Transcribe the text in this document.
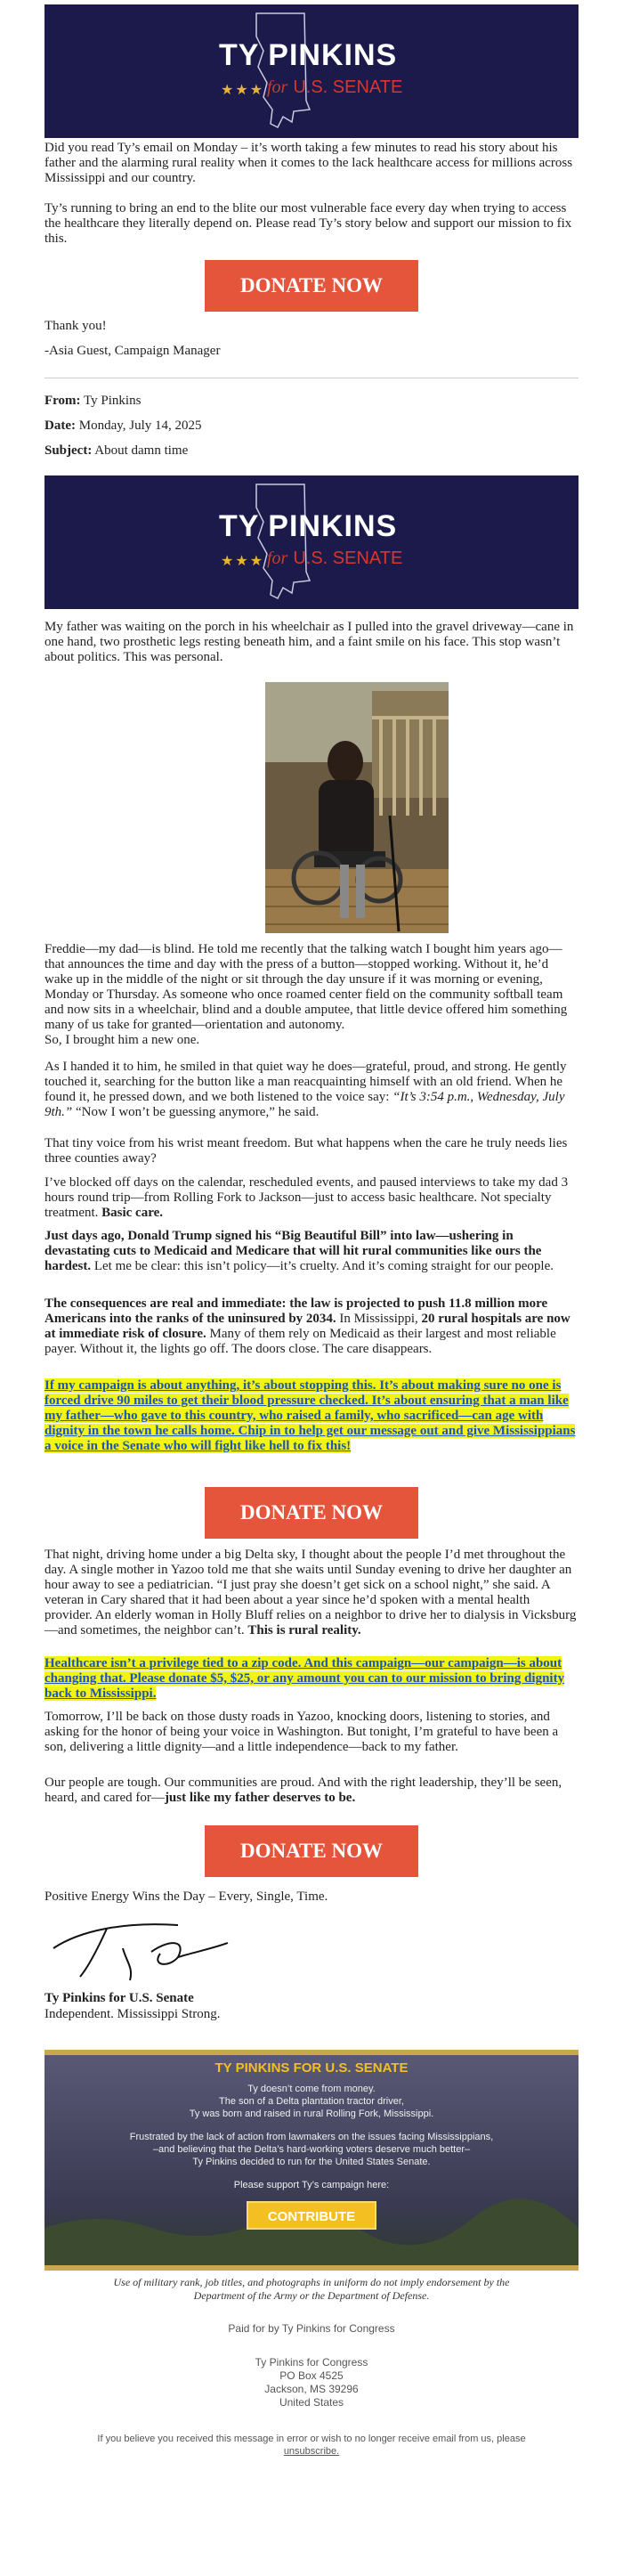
TY PINKINS
★★★ for U.S. SENATE

Did you read Ty’s email on Monday – it’s worth taking a few minutes to read his story about his father and the alarming rural reality when it comes to the lack healthcare access for millions across Mississippi and our country.

Ty’s running to bring an end to the blite our most vulnerable face every day when trying to access the healthcare they literally depend on. Please read Ty’s story below and support our mission to fix this.

DONATE NOW

Thank you!

-Asia Guest, Campaign Manager

From: Ty Pinkins

Date: Monday, July 14, 2025

Subject: About damn time

TY PINKINS
★★★ for U.S. SENATE

My father was waiting on the porch in his wheelchair as I pulled into the gravel driveway—cane in one hand, two prosthetic legs resting beneath him, and a faint smile on his face. This stop wasn’t about politics. This was personal.

Freddie—my dad—is blind. He told me recently that the talking watch I bought him years ago—that announces the time and day with the press of a button—stopped working. Without it, he’d wake up in the middle of the night or sit through the day unsure if it was morning or evening, Monday or Thursday. As someone who once roamed center field on the community softball team and now sits in a wheelchair, blind and a double amputee, that little device offered him something many of us take for granted—orientation and autonomy.

So, I brought him a new one.

As I handed it to him, he smiled in that quiet way he does—grateful, proud, and strong. He gently touched it, searching for the button like a man reacquainting himself with an old friend. When he found it, he pressed down, and we both listened to the voice say: “It’s 3:54 p.m., Wednesday, July 9th.” “Now I won’t be guessing anymore,” he said.

That tiny voice from his wrist meant freedom. But what happens when the care he truly needs lies three counties away?

I’ve blocked off days on the calendar, rescheduled events, and paused interviews to take my dad 3 hours round trip—from Rolling Fork to Jackson—just to access basic healthcare. Not specialty treatment. Basic care.

Just days ago, Donald Trump signed his “Big Beautiful Bill” into law—ushering in devastating cuts to Medicaid and Medicare that will hit rural communities like ours the hardest. Let me be clear: this isn’t policy—it’s cruelty. And it’s coming straight for our people.

The consequences are real and immediate: the law is projected to push 11.8 million more Americans into the ranks of the uninsured by 2034. In Mississippi, 20 rural hospitals are now at immediate risk of closure. Many of them rely on Medicaid as their largest and most reliable payer. Without it, the lights go off. The doors close. The care disappears.

If my campaign is about anything, it’s about stopping this. It’s about making sure no one is forced drive 90 miles to get their blood pressure checked. It’s about ensuring that a man like my father—who gave to this country, who raised a family, who sacrificed—can age with dignity in the town he calls home. Chip in to help get our message out and give Mississippians a voice in the Senate who will fight like hell to fix this!

DONATE NOW

That night, driving home under a big Delta sky, I thought about the people I’d met throughout the day. A single mother in Yazoo told me that she waits until Sunday evening to drive her daughter an hour away to see a pediatrician. “I just pray she doesn’t get sick on a school night,” she said. A veteran in Cary shared that it had been about a year since he’d spoken with a mental health provider. An elderly woman in Holly Bluff relies on a neighbor to drive her to dialysis in Vicksburg—and sometimes, the neighbor can’t. This is rural reality.

Healthcare isn’t a privilege tied to a zip code. And this campaign—our campaign—is about changing that. Please donate $5, $25, or any amount you can to our mission to bring dignity back to Mississippi.

Tomorrow, I’ll be back on those dusty roads in Yazoo, knocking doors, listening to stories, and asking for the honor of being your voice in Washington. But tonight, I’m grateful to have been a son, delivering a little dignity—and a little independence—back to my father.

Our people are tough. Our communities are proud. And with the right leadership, they’ll be seen, heard, and cared for—just like my father deserves to be.

DONATE NOW

Positive Energy Wins the Day – Every, Single, Time.

Ty Pinkins for U.S. Senate

Independent. Mississippi Strong.

TY PINKINS FOR U.S. SENATE
Ty doesn’t come from money.
The son of a Delta plantation tractor driver,
Ty was born and raised in rural Rolling Fork, Mississippi.
Frustrated by the lack of action from lawmakers on the issues facing Mississippians,
–and believing that the Delta’s hard-working voters deserve much better–
Ty Pinkins decided to run for the United States Senate.
Please support Ty’s campaign here:
CONTRIBUTE
Use of military rank, job titles, and photographs in uniform do not imply endorsement by the
Department of the Army or the Department of Defense.
Paid for by Ty Pinkins for Congress
Ty Pinkins for Congress
PO Box 4525
Jackson, MS 39296
United States
If you believe you received this message in error or wish to no longer receive email from us, please
unsubscribe.
